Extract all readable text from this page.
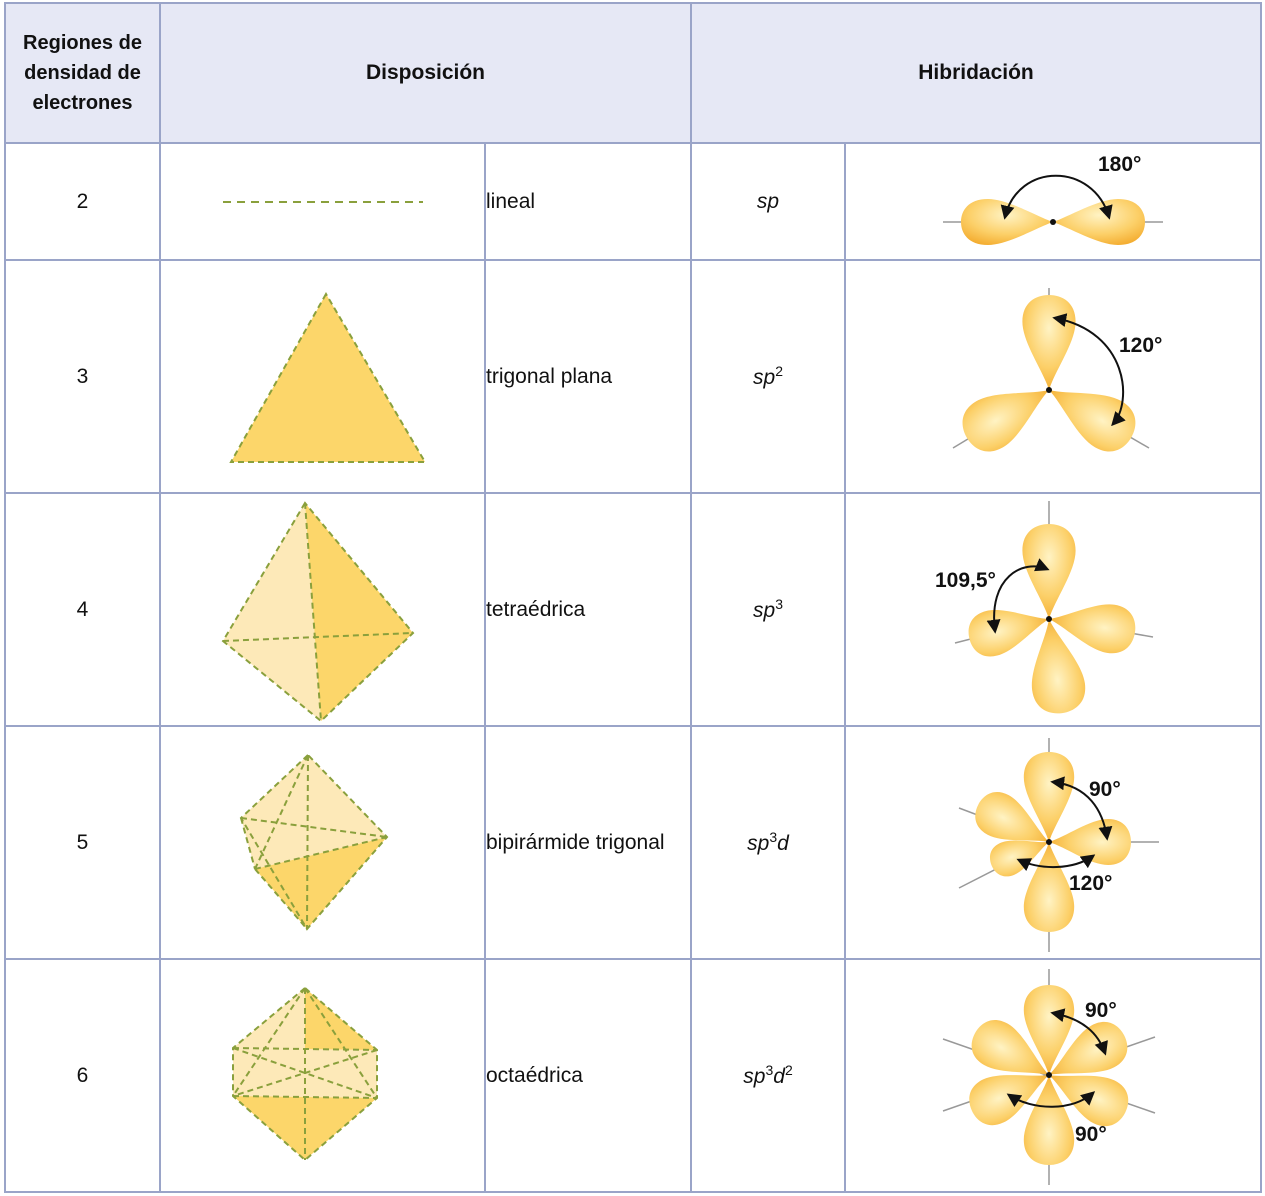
Regiones de densidad de electrones	Disposición		Hibridación	
2		lineal	sp	180°

3		trigonal plana	$sp^2$	120°

4		tetraédrica	$sp^3$	109,5°

5		bipirármide trigonal	$sp^3d$	90°
120°

6		octaédrica	$sp^3d^2$	90°
90°
